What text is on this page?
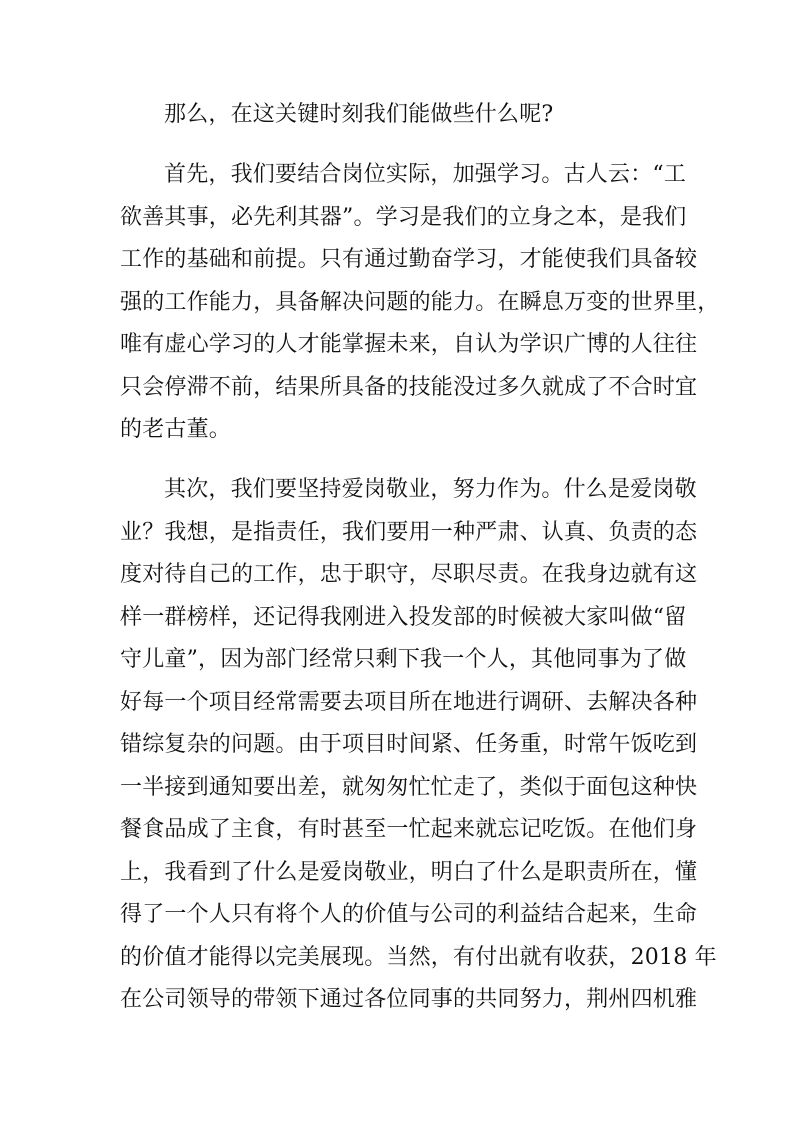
那么，在这关键时刻我们能做些什么呢?
首先，我们要结合岗位实际，加强学习。古人云：“工
欲善其事，必先利其器”。学习是我们的立身之本，是我们
工作的基础和前提。只有通过勤奋学习，才能使我们具备较
强的工作能力，具备解决问题的能力。在瞬息万变的世界里，
唯有虚心学习的人才能掌握未来，自认为学识广博的人往往
只会停滞不前，结果所具备的技能没过多久就成了不合时宜
的老古董。
其次，我们要坚持爱岗敬业，努力作为。什么是爱岗敬
业？我想，是指责任，我们要用一种严肃、认真、负责的态
度对待自己的工作，忠于职守，尽职尽责。在我身边就有这
样一群榜样，还记得我刚进入投发部的时候被大家叫做“留
守儿童”，因为部门经常只剩下我一个人，其他同事为了做
好每一个项目经常需要去项目所在地进行调研、去解决各种
错综复杂的问题。由于项目时间紧、任务重，时常午饭吃到
一半接到通知要出差，就匆匆忙忙走了，类似于面包这种快
餐食品成了主食，有时甚至一忙起来就忘记吃饭。在他们身
上，我看到了什么是爱岗敬业，明白了什么是职责所在，懂
得了一个人只有将个人的价值与公司的利益结合起来，生命
的价值才能得以完美展现。当然，有付出就有收获，2018 年
在公司领导的带领下通过各位同事的共同努力，荆州四机雅
